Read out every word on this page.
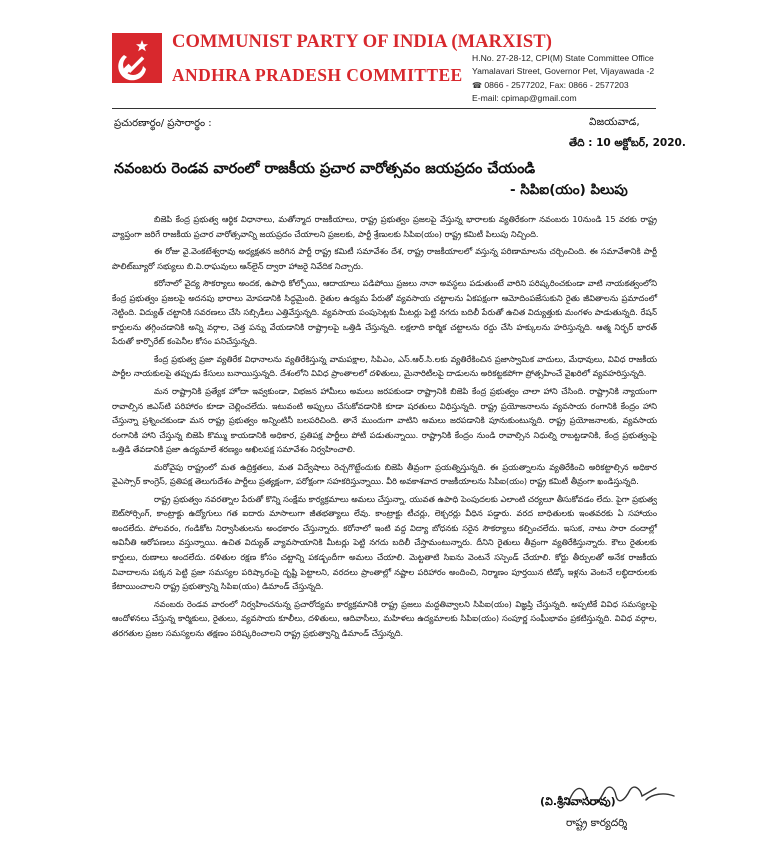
COMMUNIST PARTY OF INDIA (MARXIST)
ANDHRA PRADESH COMMITTEE
H.No. 27-28-12, CPI(M) State Committee Office
Yamalavari Street, Governor Pet, Vijayawada -2
☎ 0866 - 2577202, Fax: 0866 - 2577203
E-mail: cpimap@gmail.com
ప్రచురణార్థం/ ప్రసారార్థం :	విజయవాడ,
తేది : 10 అక్టోబర్, 2020.
నవంబరు రెండవ వారంలో రాజకీయ ప్రచార వారోత్సవం జయప్రదం చేయండి
- సిపిఐ(యం) పిలుపు

బిజెపి కేంద్ర ప్రభుత్వ ఆర్థిక విధానాలు, మతోన్మాద రాజకీయాలు, రాష్ట్ర ప్రభుత్వం ప్రజలపై వేస్తున్న భారాలకు వ్యతిరేకంగా నవంబరు 10నుండి 15 వరకు రాష్ట్ర వ్యాప్తంగా జరిగే రాజకీయ ప్రచార వారోత్సవాన్ని జయప్రదం చేయాలని ప్రజలకు, పార్టీ శ్రేణులకు సిపిఐ(యం) రాష్ట్ర కమిటీ పిలుపు నిచ్చింది.

ఈ రోజు వై.వెంకటేశ్వరావు అధ్యక్షతన జరిగిన పార్టీ రాష్ట్ర కమిటీ సమావేశం దేశ, రాష్ట్ర రాజకీయాలలో వస్తున్న పరిణామాలను చర్చించింది. ఈ సమావేశానికి పార్టీ పొలిట్‌బ్యూరో సభ్యులు బి.వి.రాఘవులు ఆన్‌లైన్ ద్వారా హాజరై నివేదిక నిచ్చారు.

కరోనాలో వైద్య సౌకర్యాలు అందక, ఉపాధి కోల్పోయి, ఆదాయాలు పడిపోయి ప్రజలు నానా అవస్థలు పడుతుంటే వారిని పరిష్కరించకుండా వాటి నాయకత్వంలోని కేంద్ర ప్రభుత్వం ప్రజలపై అదనపు భారాలు మోపడానికి సిద్ధమైంది. రైతుల ఉద్యమ పేరుతో వ్యవసాయ చట్టాలను ఏకపక్షంగా ఆమోదింపజేసుకుని రైతు జీవితాలను ప్రమాదంలో నెట్టింది. విద్యుత్ చట్టానికి సవరణలు చేసి సబ్సిడీలు ఎత్తివేస్తున్నది. వ్యవసాయ పంపుసెట్లకు మీటర్లు పెట్టి నగదు బదిలీ పేరుతో ఉచిత విద్యుత్తుకు మంగళం పాడుతున్నది. రేషన్ కార్డులను తగ్గించడానికి అన్ని వర్గాల, చెత్త పన్ను వేయడానికి రాష్ట్రాలపై ఒత్తిడి చేస్తున్నది. లక్షలాది కార్మిక చట్టాలను రద్దు చేసి హక్కులను హరిస్తున్నది. ఆత్మ నిర్భర్ భారత్ పేరుతో కార్పొరేట్ కంపెనీల కోసం పనిచేస్తున్నది.

కేంద్ర ప్రభుత్వ ప్రజా వ్యతిరేక విధానాలను వ్యతిరేకిస్తున్న వామపక్షాల, సిపిఎం, ఎస్.ఆర్.సి.లకు వ్యతిరేకించిన ప్రజాస్వామిక వాదులు, మేధావులు, వివిధ రాజకీయ పార్టీల నాయకులపై తప్పుడు కేసులు బనాయిస్తున్నది. దేశంలోని వివిధ ప్రాంతాలలో దళితులు, మైనారిటీలపై దాడులను అరికట్టకపోగా ప్రోత్సహించే వైఖరిలో వ్యవహరిస్తున్నది.

మన రాష్ట్రానికి ప్రత్యేక హోదా ఇవ్వకుండా, విభజన హామీలు అమలు జరపకుండా రాష్ట్రానికి బిజెపి కేంద్ర ప్రభుత్వం చాలా హాని చేసింది. రాష్ట్రానికి న్యాయంగా రావాల్సిన జిఎస్‌టి పరిహారం కూడా చెల్లించలేదు. ఇటువంటి అప్పులు చేసుకోవడానికి కూడా షరతులు విధిస్తున్నది. రాష్ట్ర ప్రయోజనాలను వ్యవసాయ రంగానికి కేంద్రం హాని చేస్తున్నా ప్రశ్నించకుండా మన రాష్ట్ర ప్రభుత్వం అన్నింటినీ బలపరిచింది. తానే ముందుగా వాటిని అమలు జరపడానికి పూనుకుంటున్నది. రాష్ట్ర ప్రయోజనాలకు, వ్యవసాయ రంగానికి హాని చేస్తున్న బిజెపి కొమ్ము కాయడానికి అధికార, ప్రతిపక్ష పార్టీలు పోటీ పడుతున్నాయి. రాష్ట్రానికి కేంద్రం నుండి రావాల్సిన నిధుల్ని రాబట్టడానికి, కేంద్ర ప్రభుత్వంపై ఒత్తిడి తేవడానికి ప్రజా ఉద్యమాలే శరణ్యం అఖిలపక్ష సమావేశం నిర్వహించాలి.

మరోవైపు రాష్ట్రంలో మత ఉద్రిక్తతలు, మత విద్వేషాలు రెచ్చగొట్టేందుకు బిజెపి తీవ్రంగా ప్రయత్నిస్తున్నది. ఈ ప్రయత్నాలను వ్యతిరేకించి అరికట్టాల్సిన అధికార వైఎస్సార్ కాంగ్రెస్, ప్రతిపక్ష తెలుగుదేశం పార్టీలు ప్రత్యక్షంగా, పరోక్షంగా సహకరిస్తున్నాయి. వీరి అవకాశవాద రాజకీయాలను సిపిఐ(యం) రాష్ట్ర కమిటీ తీవ్రంగా ఖండిస్తున్నది.

రాష్ట్ర ప్రభుత్వం నవరత్నాల పేరుతో కొన్ని సంక్షేమ కార్యక్రమాలు అమలు చేస్తున్నా, యువత ఉపాధి పెంపుదలకు ఎలాంటి చర్యలూ తీసుకోవడం లేదు. పైగా ప్రభుత్వ ఔట్‌సోర్సింగ్, కాంట్రాక్టు ఉద్యోగులు గత ఐదారు మాసాలుగా జీతభత్యాలు లేవు. కాంట్రాక్టు టీచర్లు, లెక్చరర్లు వీధిన పడ్డారు. వరద బాధితులకు ఇంతవరకు ఏ సహాయం అందలేదు. పోలవరం, గండికోట నిర్వాసితులను అంధకారం చేస్తున్నారు. కరోనాలో ఇంటి వద్ద విద్యా బోధనకు సరైన సౌకర్యాలు కల్పించలేదు. ఇసుక, నాటు సారా దందాల్లో అవినీతి ఆరోపణలు వస్తున్నాయి. ఉచిత విద్యుత్ వ్యావసాయానికి మీటర్లు పెట్టి నగదు బదిలీ చేస్తామంటున్నారు. దీనిని రైతులు తీవ్రంగా వ్యతిరేకిస్తున్నారు. కౌలు రైతులకు కార్డులు, రుణాలు అందలేదు. దళితుల రక్షణ కోసం చట్టాన్ని పకడ్బందీగా అమలు చేయాలి. మెట్టతాటి సిఐను వెంటనే సస్పెండ్ చేయాలి. కోర్టు తీర్పులతో అనేక రాజకీయ వివాదాలను పక్కన పెట్టి ప్రజా సమస్యల పరిష్కారంపై దృష్టి పెట్టాలని, వరదలు ప్రాంతాల్లో నష్టాల పరిహారం అందించి, నిర్మాణం పూర్తయిన టిడ్కో ఇళ్లను వెంటనే లబ్ధిదారులకు కేటాయించాలని రాష్ట్ర ప్రభుత్వాన్ని సిపిఐ(యం) డిమాండ్ చేస్తున్నది.

నవంబరు రెండవ వారంలో నిర్వహించనున్న ప్రచారోద్యమ కార్యక్రమానికి రాష్ట్ర ప్రజలు మద్దతివ్వాలని సిపిఐ(యం) విజ్ఞప్తి చేస్తున్నది. అప్పటికే వివిధ సమస్యలపై ఆందోళనలు చేస్తున్న కార్మికులు, రైతులు, వ్యవసాయ కూలీలు, దళితులు, ఆదివాసీలు, మహిళలు ఉద్యమాలకు సిపిఐ(యం) సంపూర్ణ సంఘీభావం ప్రకటిస్తున్నది. వివిధ వర్గాల, తరగతుల ప్రజల సమస్యలను తక్షణం పరిష్కరించాలని రాష్ట్ర ప్రభుత్వాన్ని డిమాండ్ చేస్తున్నది.

(వి.శ్రీనివాసరావు)
రాష్ట్ర కార్యదర్శి
